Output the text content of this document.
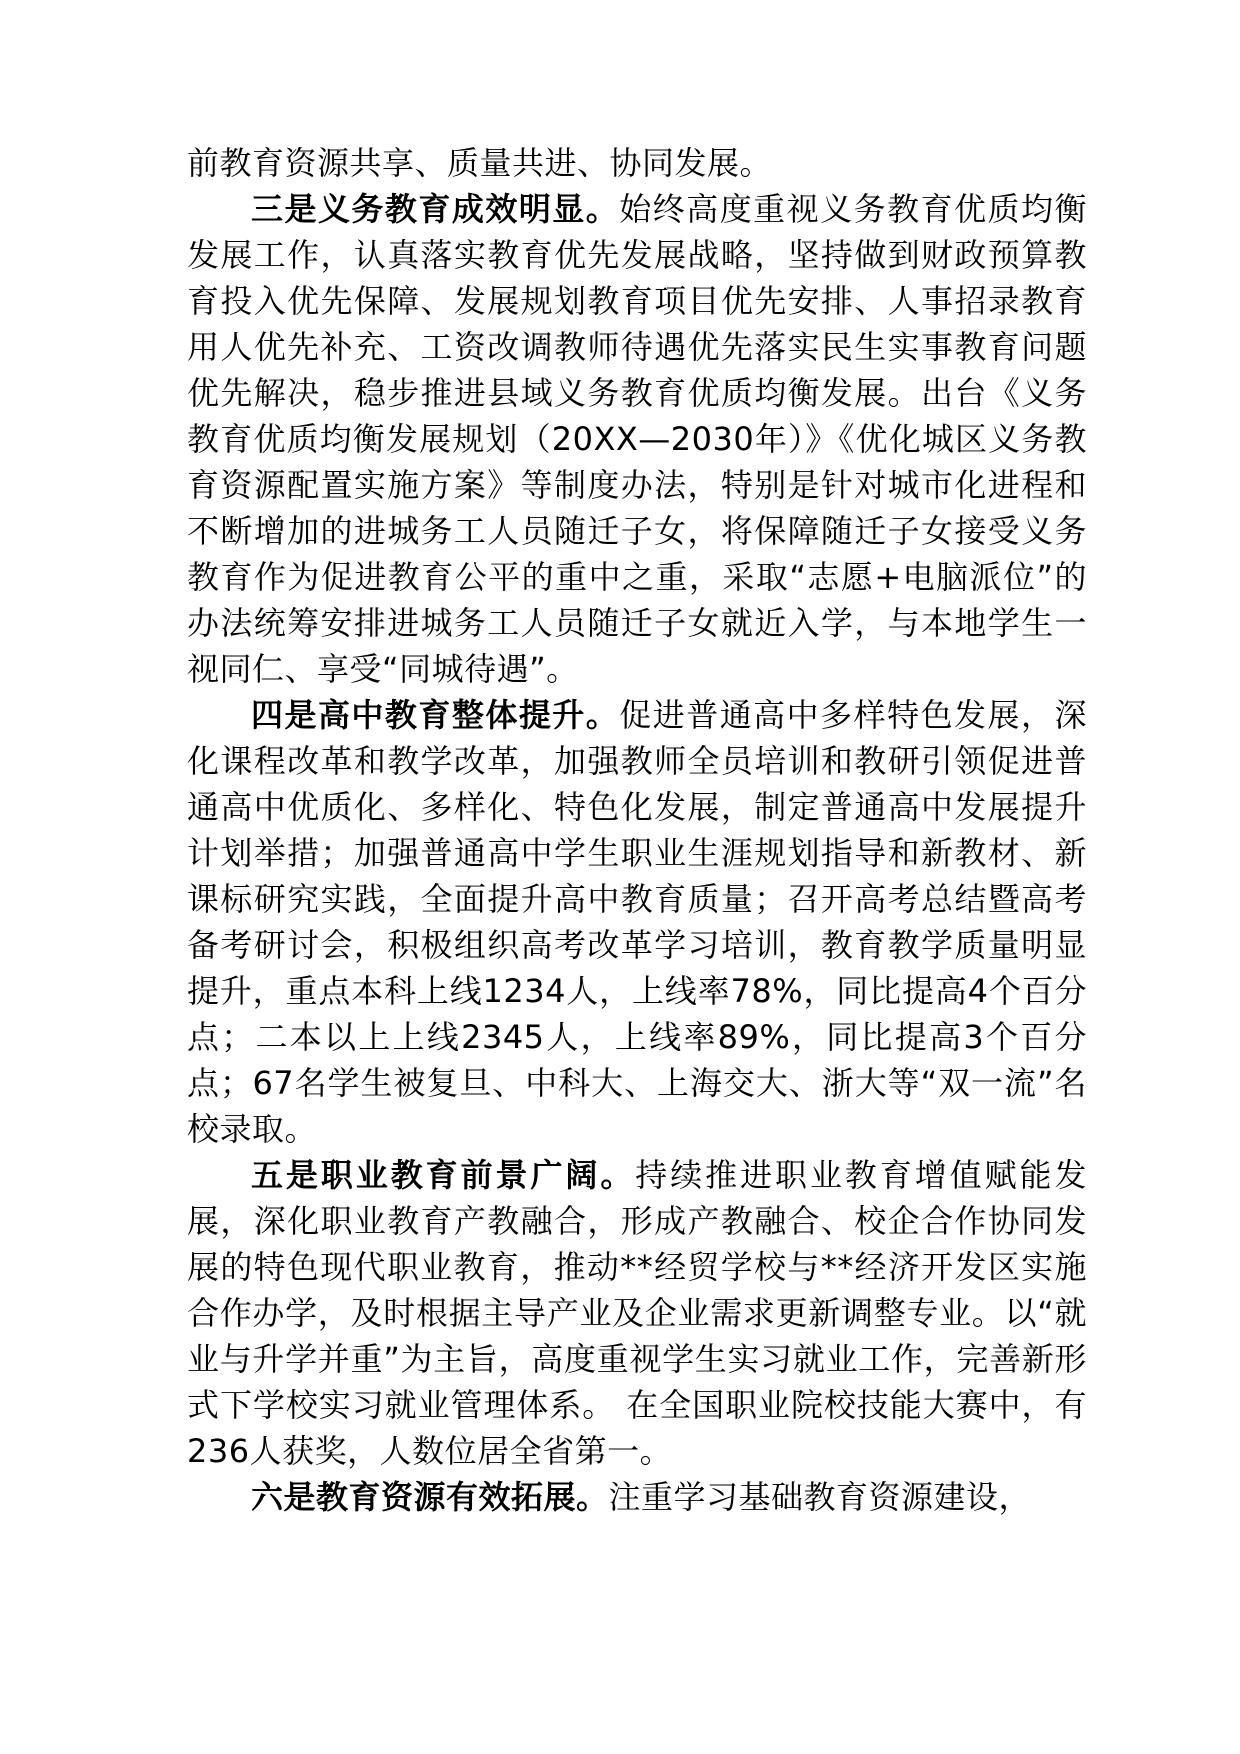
前教育资源共享、质量共进、协同发展。

三是义务教育成效明显。始终高度重视义务教育优质均衡发展工作，认真落实教育优先发展战略，坚持做到财政预算教育投入优先保障、发展规划教育项目优先安排、人事招录教育用人优先补充、工资改调教师待遇优先落实民生实事教育问题优先解决，稳步推进县域义务教育优质均衡发展。出台《义务教育优质均衡发展规划（20XX—2030年）》《优化城区义务教育资源配置实施方案》等制度办法，特别是针对城市化进程和不断增加的进城务工人员随迁子女，将保障随迁子女接受义务教育作为促进教育公平的重中之重，采取“志愿+电脑派位”的办法统筹安排进城务工人员随迁子女就近入学，与本地学生一视同仁、享受“同城待遇”。

四是高中教育整体提升。促进普通高中多样特色发展，深化课程改革和教学改革，加强教师全员培训和教研引领促进普通高中优质化、多样化、特色化发展，制定普通高中发展提升计划举措；加强普通高中学生职业生涯规划指导和新教材、新课标研究实践，全面提升高中教育质量；召开高考总结暨高考备考研讨会，积极组织高考改革学习培训，教育教学质量明显提升，重点本科上线1234人，上线率78%，同比提高4个百分点；二本以上上线2345人，上线率89%，同比提高3个百分点；67名学生被复旦、中科大、上海交大、浙大等“双一流”名校录取。

五是职业教育前景广阔。持续推进职业教育增值赋能发展，深化职业教育产教融合，形成产教融合、校企合作协同发展的特色现代职业教育，推动**经贸学校与**经济开发区实施合作办学，及时根据主导产业及企业需求更新调整专业。以“就业与升学并重”为主旨，高度重视学生实习就业工作，完善新形式下学校实习就业管理体系。 在全国职业院校技能大赛中，有236人获奖，人数位居全省第一。

六是教育资源有效拓展。注重学习基础教育资源建设，
